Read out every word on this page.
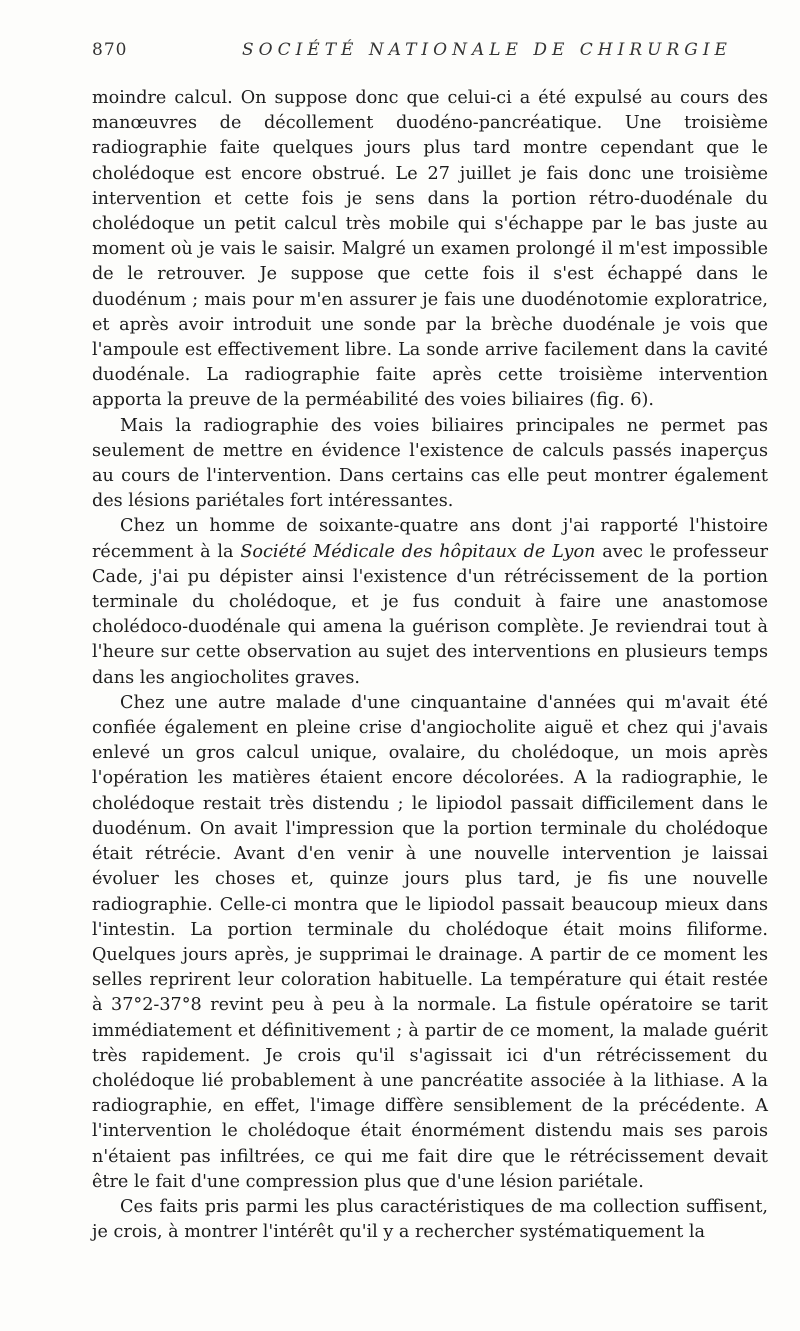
870	SOCIÉTÉ NATIONALE DE CHIRURGIE

moindre calcul. On suppose donc que celui-ci a été expulsé au cours des manœuvres de décollement duodéno-pancréatique. Une troisième radiographie faite quelques jours plus tard montre cependant que le cholédoque est encore obstrué. Le 27 juillet je fais donc une troisième intervention et cette fois je sens dans la portion rétro-duodénale du cholédoque un petit calcul très mobile qui s'échappe par le bas juste au moment où je vais le saisir. Malgré un examen prolongé il m'est impossible de le retrouver. Je suppose que cette fois il s'est échappé dans le duodénum ; mais pour m'en assurer je fais une duodénotomie exploratrice, et après avoir introduit une sonde par la brèche duodénale je vois que l'ampoule est effectivement libre. La sonde arrive facilement dans la cavité duodénale. La radiographie faite après cette troisième intervention apporta la preuve de la perméabilité des voies biliaires (fig. 6).

Mais la radiographie des voies biliaires principales ne permet pas seulement de mettre en évidence l'existence de calculs passés inaperçus au cours de l'intervention. Dans certains cas elle peut montrer également des lésions pariétales fort intéressantes.

Chez un homme de soixante-quatre ans dont j'ai rapporté l'histoire récemment à la Société Médicale des hôpitaux de Lyon avec le professeur Cade, j'ai pu dépister ainsi l'existence d'un rétrécissement de la portion terminale du cholédoque, et je fus conduit à faire une anastomose cholédoco-duodénale qui amena la guérison complète. Je reviendrai tout à l'heure sur cette observation au sujet des interventions en plusieurs temps dans les angiocholites graves.

Chez une autre malade d'une cinquantaine d'années qui m'avait été confiée également en pleine crise d'angiocholite aiguë et chez qui j'avais enlevé un gros calcul unique, ovalaire, du cholédoque, un mois après l'opération les matières étaient encore décolorées. A la radiographie, le cholédoque restait très distendu ; le lipiodol passait difficilement dans le duodénum. On avait l'impression que la portion terminale du cholédoque était rétrécie. Avant d'en venir à une nouvelle intervention je laissai évoluer les choses et, quinze jours plus tard, je fis une nouvelle radiographie. Celle-ci montra que le lipiodol passait beaucoup mieux dans l'intestin. La portion terminale du cholédoque était moins filiforme. Quelques jours après, je supprimai le drainage. A partir de ce moment les selles reprirent leur coloration habituelle. La température qui était restée à 37°2-37°8 revint peu à peu à la normale. La fistule opératoire se tarit immédiatement et définitivement ; à partir de ce moment, la malade guérit très rapidement. Je crois qu'il s'agissait ici d'un rétrécissement du cholédoque lié probablement à une pancréatite associée à la lithiase. A la radiographie, en effet, l'image diffère sensiblement de la précédente. A l'intervention le cholédoque était énormément distendu mais ses parois n'étaient pas infiltrées, ce qui me fait dire que le rétrécissement devait être le fait d'une compression plus que d'une lésion pariétale.

Ces faits pris parmi les plus caractéristiques de ma collection suffisent, je crois, à montrer l'intérêt qu'il y a rechercher systématiquement la
